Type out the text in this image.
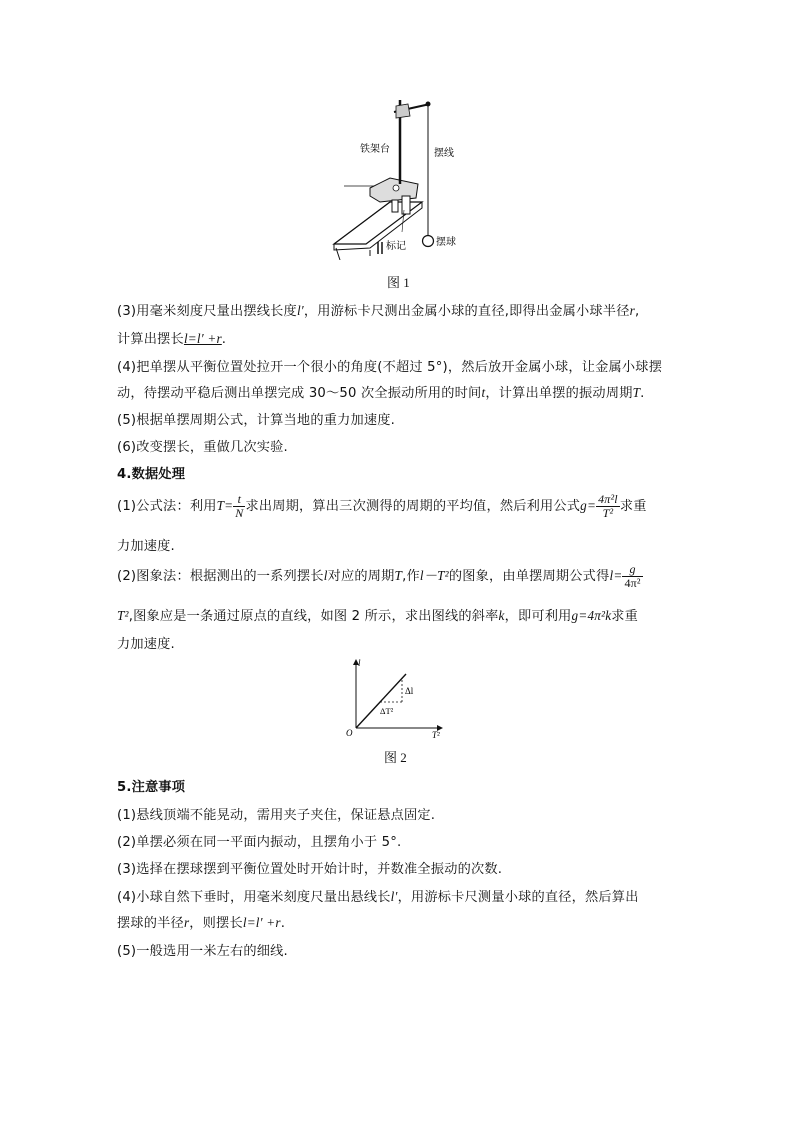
铁架台	摆线
摆球
标记
图 1
(3)用毫米刻度尺量出摆线长度l′，用游标卡尺测出金属小球的直径,即得出金属小球半径r,
计算出摆长l=l′ +r.
(4)把单摆从平衡位置处拉开一个很小的角度(不超过 5°)，然后放开金属小球，让金属小球摆
动，待摆动平稳后测出单摆完成 30～50 次全振动所用的时间t，计算出单摆的振动周期T.
(5)根据单摆周期公式，计算当地的重力加速度.
(6)改变摆长，重做几次实验.
4.数据处理
(1)公式法：利用$T= \frac{t}{N}$ 求出周期，算出三次测得的周期的平均值，然后利用公式$g= \frac{\text{4π²l}}{\text{T²}}$ 求重
力加速度.
(2)图象法：根据测出的一系列摆长l对应的周期T,作l－T²的图象，由单摆周期公式得$l= \frac{g}{\text{4π²}}$
T²,图象应是一条通过原点的直线，如图 2 所示，求出图线的斜率k，即可利用g=4π²k求重
力加速度.
l
T²
O
Δl
ΔT²
图 2
5.注意事项
(1)悬线顶端不能晃动，需用夹子夹住，保证悬点固定.
(2)单摆必须在同一平面内振动，且摆角小于 5°.
(3)选择在摆球摆到平衡位置处时开始计时，并数准全振动的次数.
(4)小球自然下垂时，用毫米刻度尺量出悬线长l′，用游标卡尺测量小球的直径，然后算出
摆球的半径r，则摆长l=l′ +r.
(5)一般选用一米左右的细线.
